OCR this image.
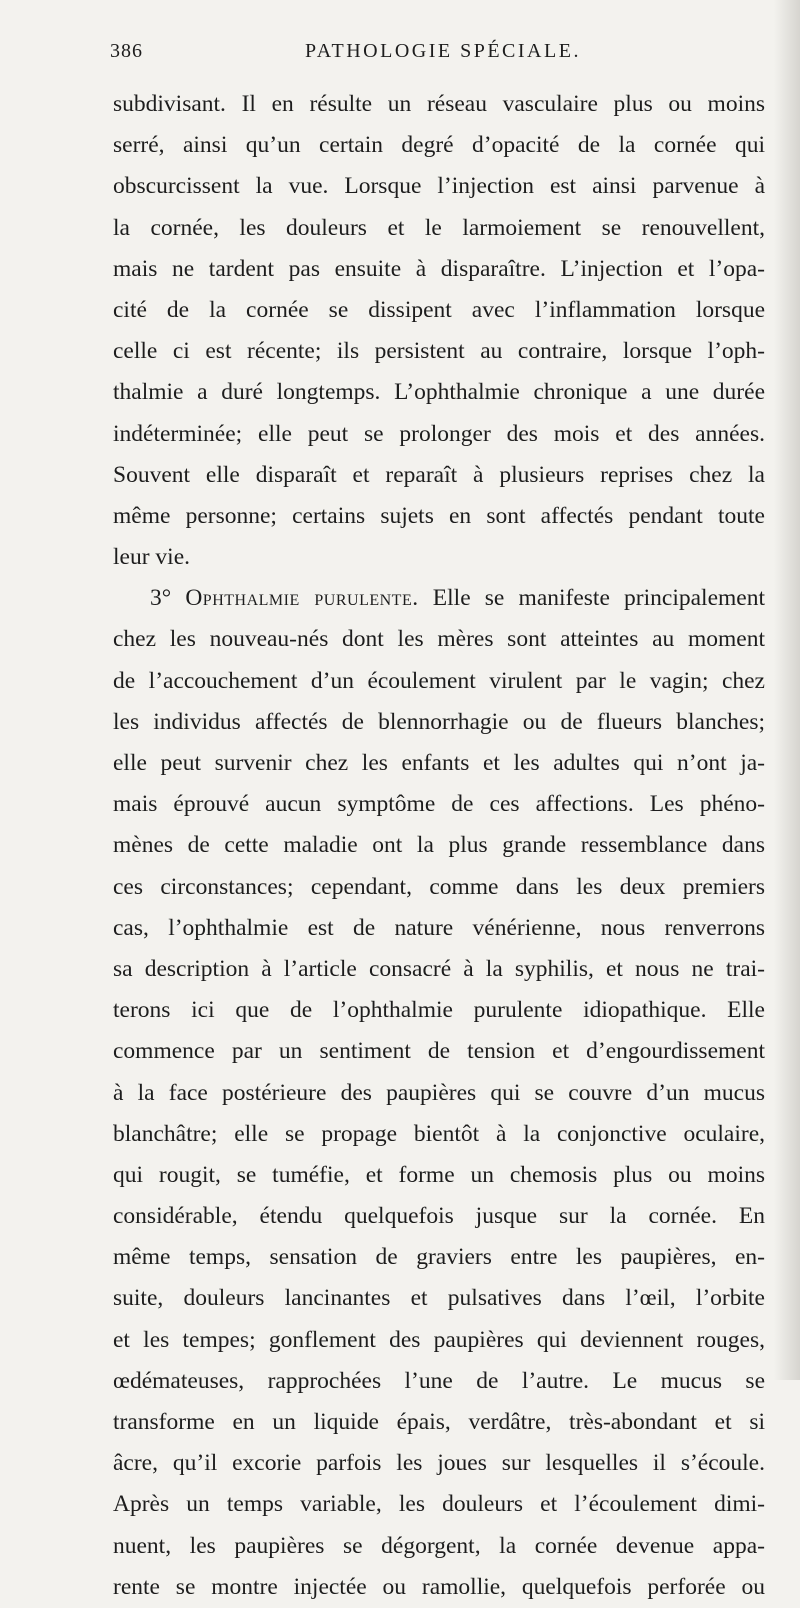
386	PATHOLOGIE SPÉCIALE.
subdivisant. Il en résulte un réseau vasculaire plus ou moins
serré, ainsi qu’un certain degré d’opacité de la cornée qui
obscurcissent la vue. Lorsque l’injection est ainsi parvenue à
la cornée, les douleurs et le larmoiement se renouvellent,
mais ne tardent pas ensuite à disparaître. L’injection et l’opa-
cité de la cornée se dissipent avec l’inflammation lorsque
celle ci est récente; ils persistent au contraire, lorsque l’oph-
thalmie a duré longtemps. L’ophthalmie chronique a une durée
indéterminée; elle peut se prolonger des mois et des années.
Souvent elle disparaît et reparaît à plusieurs reprises chez la
même personne; certains sujets en sont affectés pendant toute
leur vie.
3° Ophthalmie purulente. Elle se manifeste principalement
chez les nouveau-nés dont les mères sont atteintes au moment
de l’accouchement d’un écoulement virulent par le vagin; chez
les individus affectés de blennorrhagie ou de flueurs blanches;
elle peut survenir chez les enfants et les adultes qui n’ont ja-
mais éprouvé aucun symptôme de ces affections. Les phéno-
mènes de cette maladie ont la plus grande ressemblance dans
ces circonstances; cependant, comme dans les deux premiers
cas, l’ophthalmie est de nature vénérienne, nous renverrons
sa description à l’article consacré à la syphilis, et nous ne trai-
terons ici que de l’ophthalmie purulente idiopathique. Elle
commence par un sentiment de tension et d’engourdissement
à la face postérieure des paupières qui se couvre d’un mucus
blanchâtre; elle se propage bientôt à la conjonctive oculaire,
qui rougit, se tuméfie, et forme un chemosis plus ou moins
considérable, étendu quelquefois jusque sur la cornée. En
même temps, sensation de graviers entre les paupières, en-
suite, douleurs lancinantes et pulsatives dans l’œil, l’orbite
et les tempes; gonflement des paupières qui deviennent rouges,
œdémateuses, rapprochées l’une de l’autre. Le mucus se
transforme en un liquide épais, verdâtre, très-abondant et si
âcre, qu’il excorie parfois les joues sur lesquelles il s’écoule.
Après un temps variable, les douleurs et l’écoulement dimi-
nuent, les paupières se dégorgent, la cornée devenue appa-
rente se montre injectée ou ramollie, quelquefois perforée ou
